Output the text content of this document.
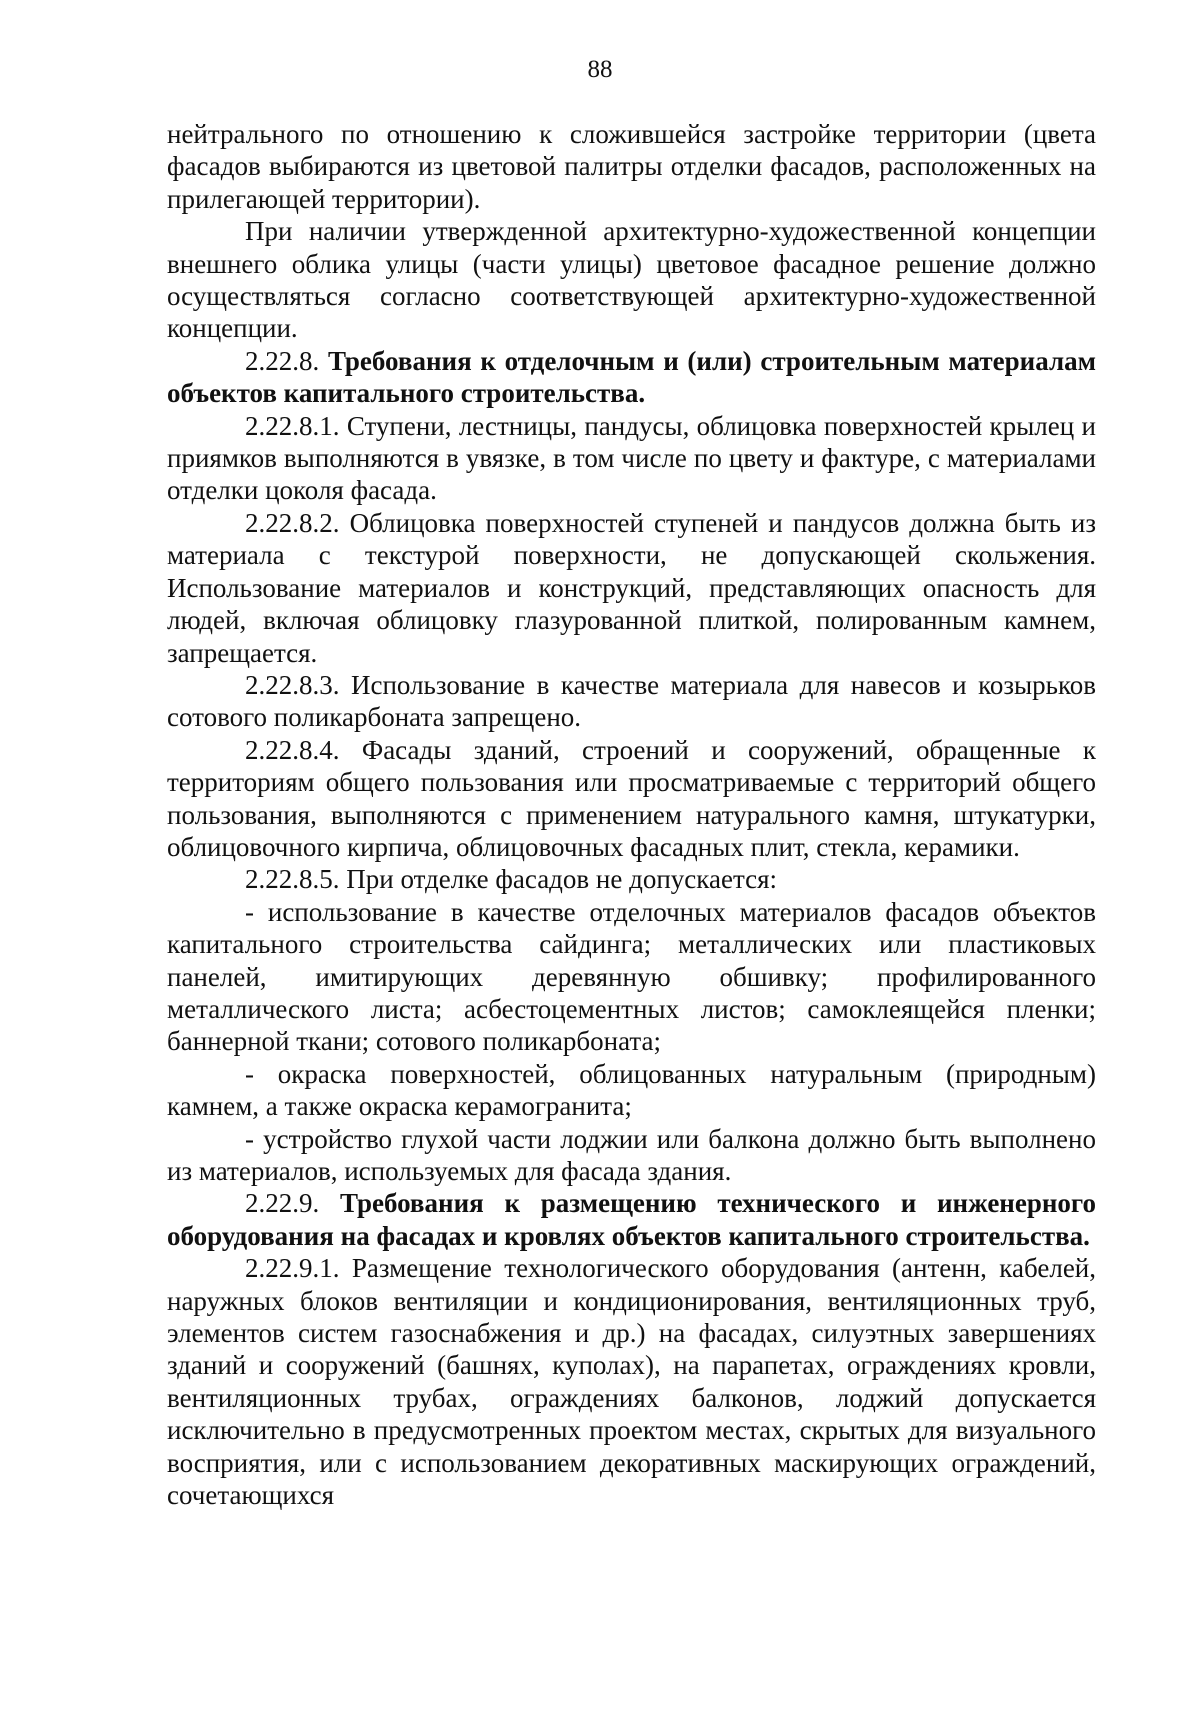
88

нейтрального по отношению к сложившейся застройке территории (цвета фасадов выбираются из цветовой палитры отделки фасадов, расположенных на прилегающей территории).

При наличии утвержденной архитектурно-художественной концепции внешнего облика улицы (части улицы) цветовое фасадное решение должно осуществляться согласно соответствующей архитектурно-художественной концепции.

2.22.8. Требования к отделочным и (или) строительным материалам объектов капитального строительства.

2.22.8.1. Ступени, лестницы, пандусы, облицовка поверхностей крылец и приямков выполняются в увязке, в том числе по цвету и фактуре, с материалами отделки цоколя фасада.

2.22.8.2. Облицовка поверхностей ступеней и пандусов должна быть из материала с текстурой поверхности, не допускающей скольжения. Использование материалов и конструкций, представляющих опасность для людей, включая облицовку глазурованной плиткой, полированным камнем, запрещается.

2.22.8.3. Использование в качестве материала для навесов и козырьков сотового поликарбоната запрещено.

2.22.8.4. Фасады зданий, строений и сооружений, обращенные к территориям общего пользования или просматриваемые с территорий общего пользования, выполняются с применением натурального камня, штукатурки, облицовочного кирпича, облицовочных фасадных плит, стекла, керамики.

2.22.8.5. При отделке фасадов не допускается:

- использование в качестве отделочных материалов фасадов объектов капитального строительства сайдинга; металлических или пластиковых панелей, имитирующих деревянную обшивку; профилированного металлического листа; асбестоцементных листов; самоклеящейся пленки; баннерной ткани; сотового поликарбоната;

- окраска поверхностей, облицованных натуральным (природным) камнем, а также окраска керамогранита;

- устройство глухой части лоджии или балкона должно быть выполнено из материалов, используемых для фасада здания.

2.22.9. Требования к размещению технического и инженерного оборудования на фасадах и кровлях объектов капитального строительства.

2.22.9.1. Размещение технологического оборудования (антенн, кабелей, наружных блоков вентиляции и кондиционирования, вентиляционных труб, элементов систем газоснабжения и др.) на фасадах, силуэтных завершениях зданий и сооружений (башнях, куполах), на парапетах, ограждениях кровли, вентиляционных трубах, ограждениях балконов, лоджий допускается исключительно в предусмотренных проектом местах, скрытых для визуального восприятия, или с использованием декоративных маскирующих ограждений, сочетающихся
